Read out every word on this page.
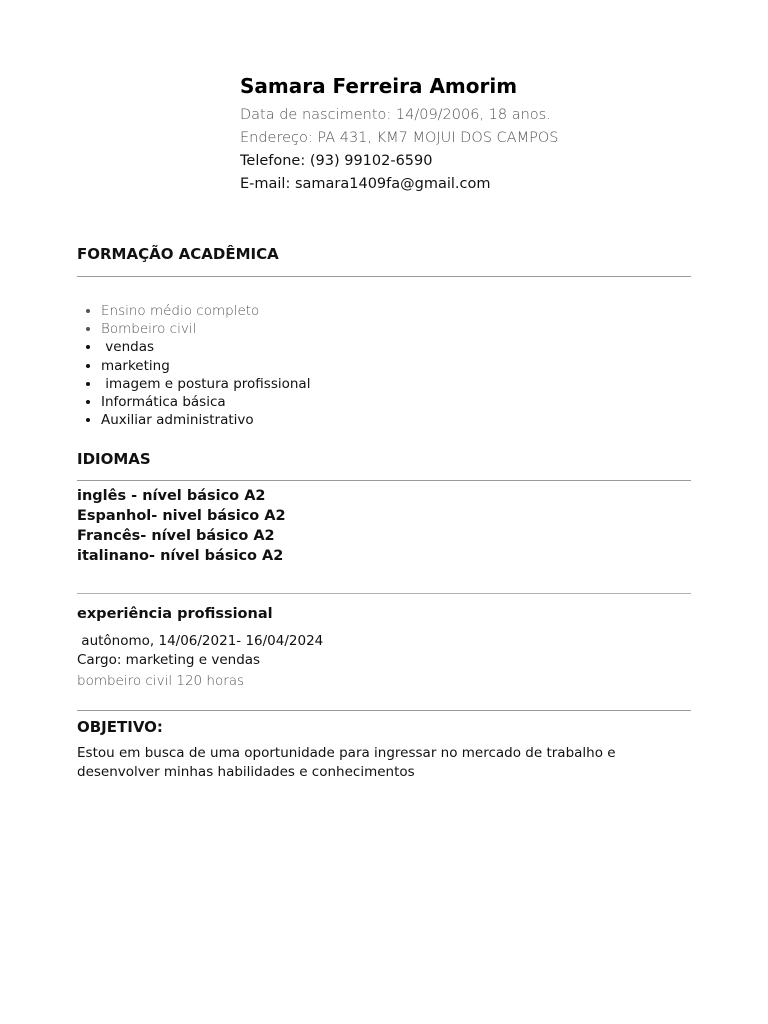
Samara Ferreira Amorim
Data de nascimento: 14/09/2006, 18 anos.
Endereço: PA 431, KM7 MOJUI DOS CAMPOS
Telefone: (93) 99102-6590
E-mail: samara1409fa@gmail.com
FORMAÇÃO ACADÊMICA
• Ensino médio completo
• Bombeiro civil
•  vendas
• marketing
•  imagem e postura profissional
• Informática básica
• Auxiliar administrativo
IDIOMAS
inglês - nível básico A2
Espanhol- nivel básico A2
Francês- nível básico A2
italinano- nível básico A2
experiência profissional
autônomo, 14/06/2021- 16/04/2024
Cargo: marketing e vendas
bombeiro civil 120 horas
OBJETIVO:

Estou em busca de uma oportunidade para ingressar no mercado de trabalho e desenvolver minhas habilidades e conhecimentos
